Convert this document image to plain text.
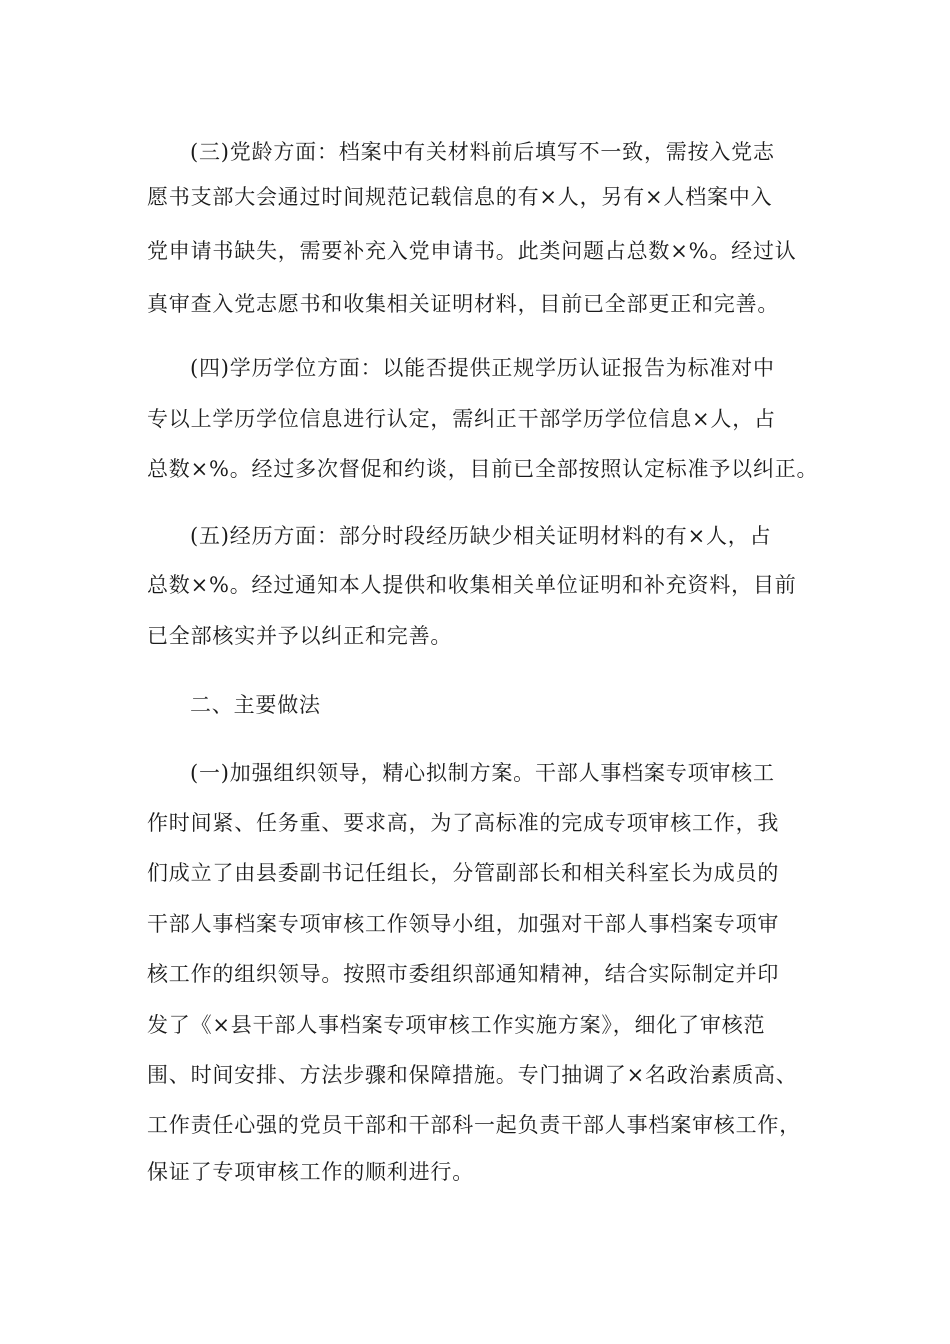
(三)党龄方面：档案中有关材料前后填写不一致，需按入党志
愿书支部大会通过时间规范记载信息的有×人，另有×人档案中入
党申请书缺失，需要补充入党申请书。此类问题占总数×%。经过认
真审查入党志愿书和收集相关证明材料，目前已全部更正和完善。
(四)学历学位方面：以能否提供正规学历认证报告为标准对中
专以上学历学位信息进行认定，需纠正干部学历学位信息×人，占
总数×%。经过多次督促和约谈，目前已全部按照认定标准予以纠正。
(五)经历方面：部分时段经历缺少相关证明材料的有×人，占
总数×%。经过通知本人提供和收集相关单位证明和补充资料，目前
已全部核实并予以纠正和完善。
二、主要做法
(一)加强组织领导，精心拟制方案。干部人事档案专项审核工
作时间紧、任务重、要求高，为了高标准的完成专项审核工作，我
们成立了由县委副书记任组长，分管副部长和相关科室长为成员的
干部人事档案专项审核工作领导小组，加强对干部人事档案专项审
核工作的组织领导。按照市委组织部通知精神，结合实际制定并印
发了《×县干部人事档案专项审核工作实施方案》，细化了审核范
围、时间安排、方法步骤和保障措施。专门抽调了×名政治素质高、
工作责任心强的党员干部和干部科一起负责干部人事档案审核工作，
保证了专项审核工作的顺利进行。
